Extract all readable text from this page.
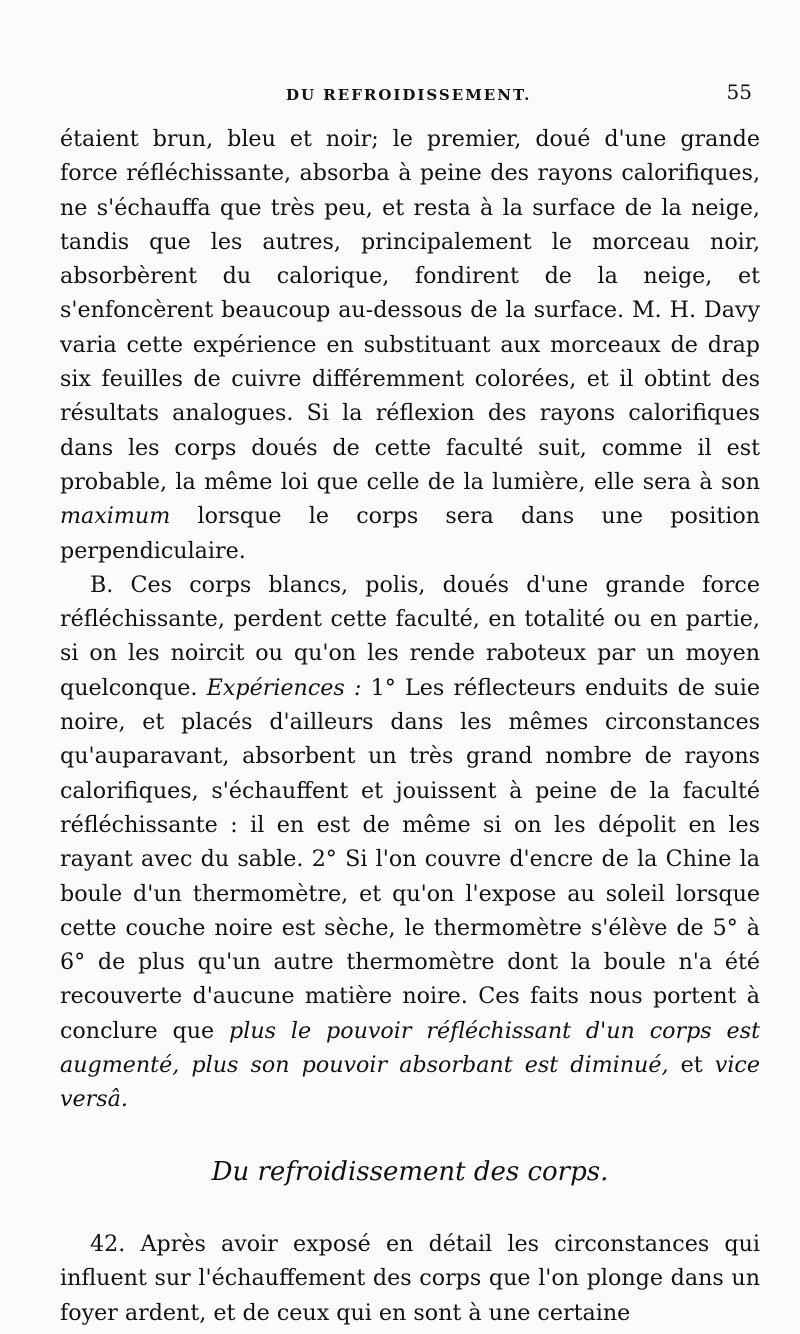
DU REFROIDISSEMENT.	55

étaient brun, bleu et noir; le premier, doué d'une grande force réfléchissante, absorba à peine des rayons calorifiques, ne s'échauffa que très peu, et resta à la surface de la neige, tandis que les autres, principalement le morceau noir, absorbèrent du calorique, fondirent de la neige, et s'enfoncèrent beaucoup au-dessous de la surface. M. H. Davy varia cette expérience en substituant aux morceaux de drap six feuilles de cuivre différemment colorées, et il obtint des résultats analogues. Si la réflexion des rayons calorifiques dans les corps doués de cette faculté suit, comme il est probable, la même loi que celle de la lumière, elle sera à son maximum lorsque le corps sera dans une position perpendiculaire.

B. Ces corps blancs, polis, doués d'une grande force réfléchissante, perdent cette faculté, en totalité ou en partie, si on les noircit ou qu'on les rende raboteux par un moyen quelconque. Expériences : 1° Les réflecteurs enduits de suie noire, et placés d'ailleurs dans les mêmes circonstances qu'auparavant, absorbent un très grand nombre de rayons calorifiques, s'échauffent et jouissent à peine de la faculté réfléchissante : il en est de même si on les dépolit en les rayant avec du sable. 2° Si l'on couvre d'encre de la Chine la boule d'un thermomètre, et qu'on l'expose au soleil lorsque cette couche noire est sèche, le thermomètre s'élève de 5° à 6° de plus qu'un autre thermomètre dont la boule n'a été recouverte d'aucune matière noire. Ces faits nous portent à conclure que plus le pouvoir réfléchissant d'un corps est augmenté, plus son pouvoir absorbant est diminué, et vice versâ.

Du refroidissement des corps.

42. Après avoir exposé en détail les circonstances qui influent sur l'échauffement des corps que l'on plonge dans un foyer ardent, et de ceux qui en sont à une certaine
